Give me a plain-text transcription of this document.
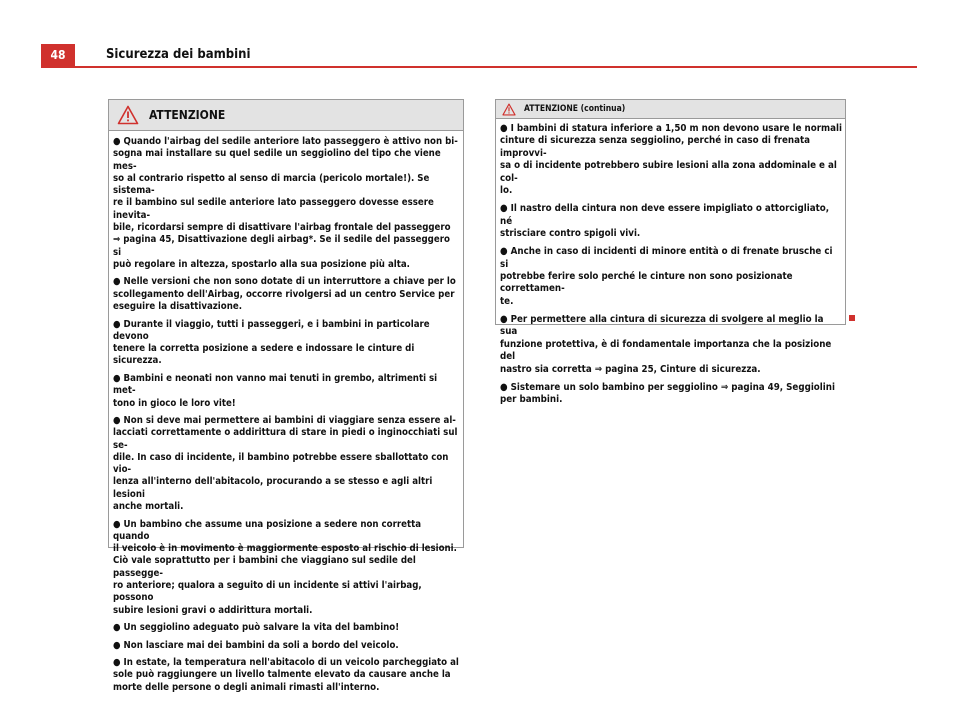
48	Sicurezza dei bambini
ATTENZIONE

● Quando l'airbag del sedile anteriore lato passeggero è attivo non bi-
sogna mai installare su quel sedile un seggiolino del tipo che viene mes-
so al contrario rispetto al senso di marcia (pericolo mortale!). Se sistema-
re il bambino sul sedile anteriore lato passeggero dovesse essere inevita-
bile, ricordarsi sempre di disattivare l'airbag frontale del passeggero
⇒ pagina 45, Disattivazione degli airbag*. Se il sedile del passeggero si
può regolare in altezza, spostarlo alla sua posizione più alta.

● Nelle versioni che non sono dotate di un interruttore a chiave per lo
scollegamento dell'Airbag, occorre rivolgersi ad un centro Service per
eseguire la disattivazione.

● Durante il viaggio, tutti i passeggeri, e i bambini in particolare devono
tenere la corretta posizione a sedere e indossare le cinture di sicurezza.

● Bambini e neonati non vanno mai tenuti in grembo, altrimenti si met-
tono in gioco le loro vite!

● Non si deve mai permettere ai bambini di viaggiare senza essere al-
lacciati correttamente o addirittura di stare in piedi o inginocchiati sul se-
dile. In caso di incidente, il bambino potrebbe essere sballottato con vio-
lenza all'interno dell'abitacolo, procurando a se stesso e agli altri lesioni
anche mortali.

● Un bambino che assume una posizione a sedere non corretta quando
il veicolo è in movimento è maggiormente esposto al rischio di lesioni.
Ciò vale soprattutto per i bambini che viaggiano sul sedile del passegge-
ro anteriore; qualora a seguito di un incidente si attivi l'airbag, possono
subire lesioni gravi o addirittura mortali.

● Un seggiolino adeguato può salvare la vita del bambino!

● Non lasciare mai dei bambini da soli a bordo del veicolo.

● In estate, la temperatura nell'abitacolo di un veicolo parcheggiato al
sole può raggiungere un livello talmente elevato da causare anche la
morte delle persone o degli animali rimasti all'interno.

ATTENZIONE (continua)

● I bambini di statura inferiore a 1,50 m non devono usare le normali
cinture di sicurezza senza seggiolino, perché in caso di frenata improvvi-
sa o di incidente potrebbero subire lesioni alla zona addominale e al col-
lo.

● Il nastro della cintura non deve essere impigliato o attorcigliato, né
strisciare contro spigoli vivi.

● Anche in caso di incidenti di minore entità o di frenate brusche ci si
potrebbe ferire solo perché le cinture non sono posizionate correttamen-
te.

● Per permettere alla cintura di sicurezza di svolgere al meglio la sua
funzione protettiva, è di fondamentale importanza che la posizione del
nastro sia corretta ⇒ pagina 25, Cinture di sicurezza.

● Sistemare un solo bambino per seggiolino ⇒ pagina 49, Seggiolini
per bambini.
